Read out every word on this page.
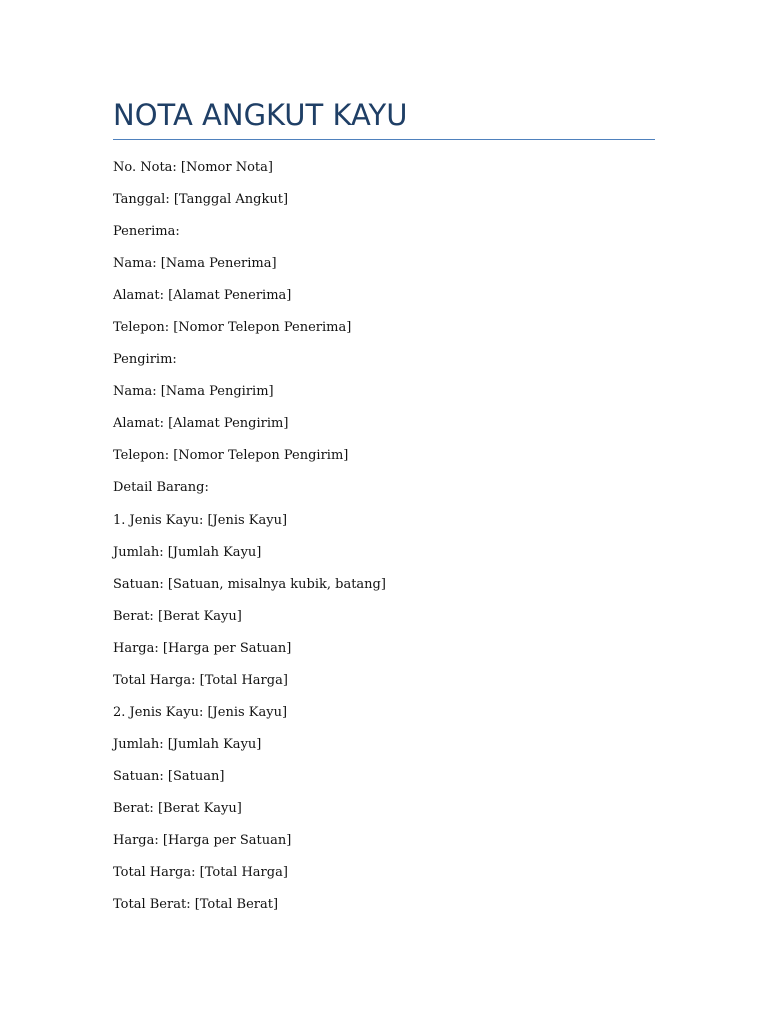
NOTA ANGKUT KAYU
No. Nota: [Nomor Nota]
Tanggal: [Tanggal Angkut]
Penerima:
Nama: [Nama Penerima]
Alamat: [Alamat Penerima]
Telepon: [Nomor Telepon Penerima]
Pengirim:
Nama: [Nama Pengirim]
Alamat: [Alamat Pengirim]
Telepon: [Nomor Telepon Pengirim]
Detail Barang:
1. Jenis Kayu: [Jenis Kayu]
Jumlah: [Jumlah Kayu]
Satuan: [Satuan, misalnya kubik, batang]
Berat: [Berat Kayu]
Harga: [Harga per Satuan]
Total Harga: [Total Harga]
2. Jenis Kayu: [Jenis Kayu]
Jumlah: [Jumlah Kayu]
Satuan: [Satuan]
Berat: [Berat Kayu]
Harga: [Harga per Satuan]
Total Harga: [Total Harga]
Total Berat: [Total Berat]
